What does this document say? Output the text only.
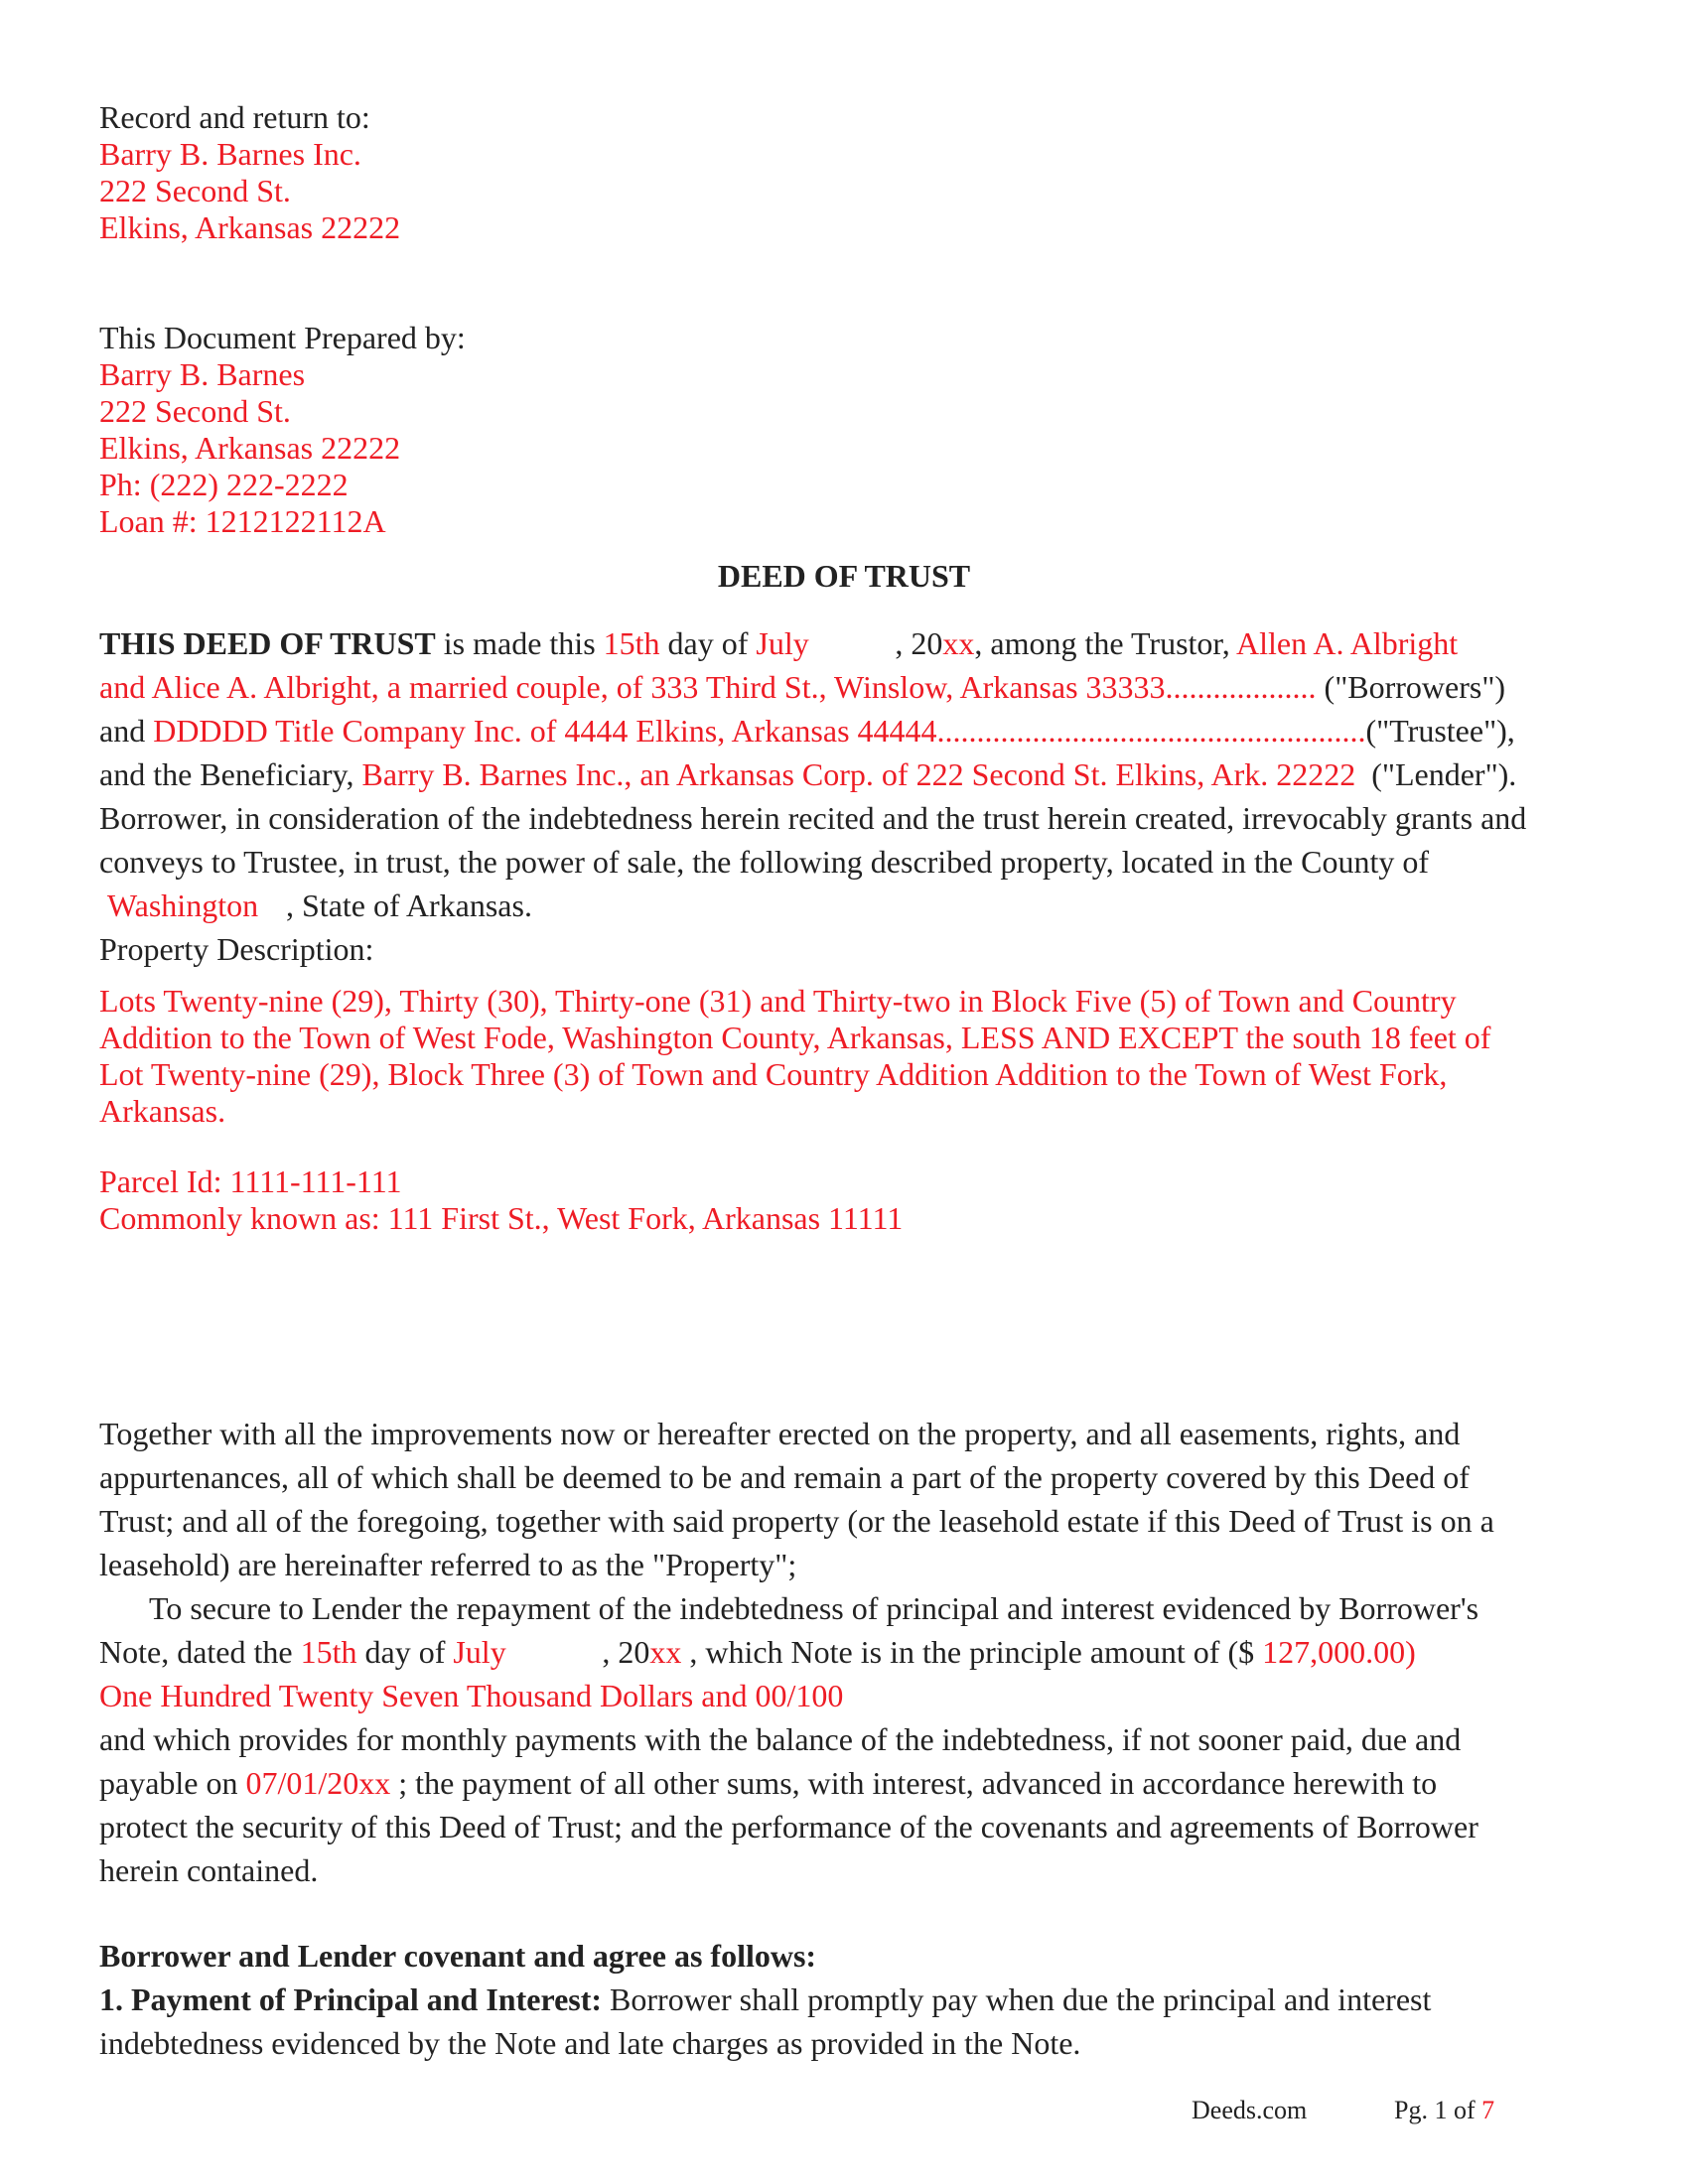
Record and return to:
Barry B. Barnes Inc.
222 Second St.
Elkins, Arkansas 22222
This Document Prepared by:
Barry B. Barnes
222 Second St.
Elkins, Arkansas 22222
Ph: (222) 222-2222
Loan #: 1212122112A
DEED OF TRUST
THIS DEED OF TRUST is made this 15th day of July	, 20xx, among the Trustor, Allen A. Albright
and Alice A. Albright, a married couple, of 333 Third St., Winslow, Arkansas 33333................... ("Borrowers")
and DDDDD Title Company Inc. of 4444 Elkins, Arkansas 44444......................................................("Trustee"),
and the Beneficiary, Barry B. Barnes Inc., an Arkansas Corp. of 222 Second St. Elkins, Ark. 22222 ("Lender").
Borrower, in consideration of the indebtedness herein recited and the trust herein created, irrevocably grants and
conveys to Trustee, in trust, the power of sale, the following described property, located in the County of
Washington , State of Arkansas.
Property Description:
Lots Twenty-nine (29), Thirty (30), Thirty-one (31) and Thirty-two in Block Five (5) of Town and Country
Addition to the Town of West Fode, Washington County, Arkansas, LESS AND EXCEPT the south 18 feet of
Lot Twenty-nine (29), Block Three (3) of Town and Country Addition Addition to the Town of West Fork,
Arkansas.
Parcel Id: 1111-111-111
Commonly known as: 111 First St., West Fork, Arkansas 11111
Together with all the improvements now or hereafter erected on the property, and all easements, rights, and
appurtenances, all of which shall be deemed to be and remain a part of the property covered by this Deed of
Trust; and all of the foregoing, together with said property (or the leasehold estate if this Deed of Trust is on a
leasehold) are hereinafter referred to as the "Property";
To secure to Lender the repayment of the indebtedness of principal and interest evidenced by Borrower's
Note, dated the 15th day of July	, 20xx , which Note is in the principle amount of ($ 127,000.00)
One Hundred Twenty Seven Thousand Dollars and 00/100
and which provides for monthly payments with the balance of the indebtedness, if not sooner paid, due and
payable on 07/01/20xx ; the payment of all other sums, with interest, advanced in accordance herewith to
protect the security of this Deed of Trust; and the performance of the covenants and agreements of Borrower
herein contained.
Borrower and Lender covenant and agree as follows:
1. Payment of Principal and Interest: Borrower shall promptly pay when due the principal and interest
indebtedness evidenced by the Note and late charges as provided in the Note.
Deeds.com	Pg. 1 of 7
